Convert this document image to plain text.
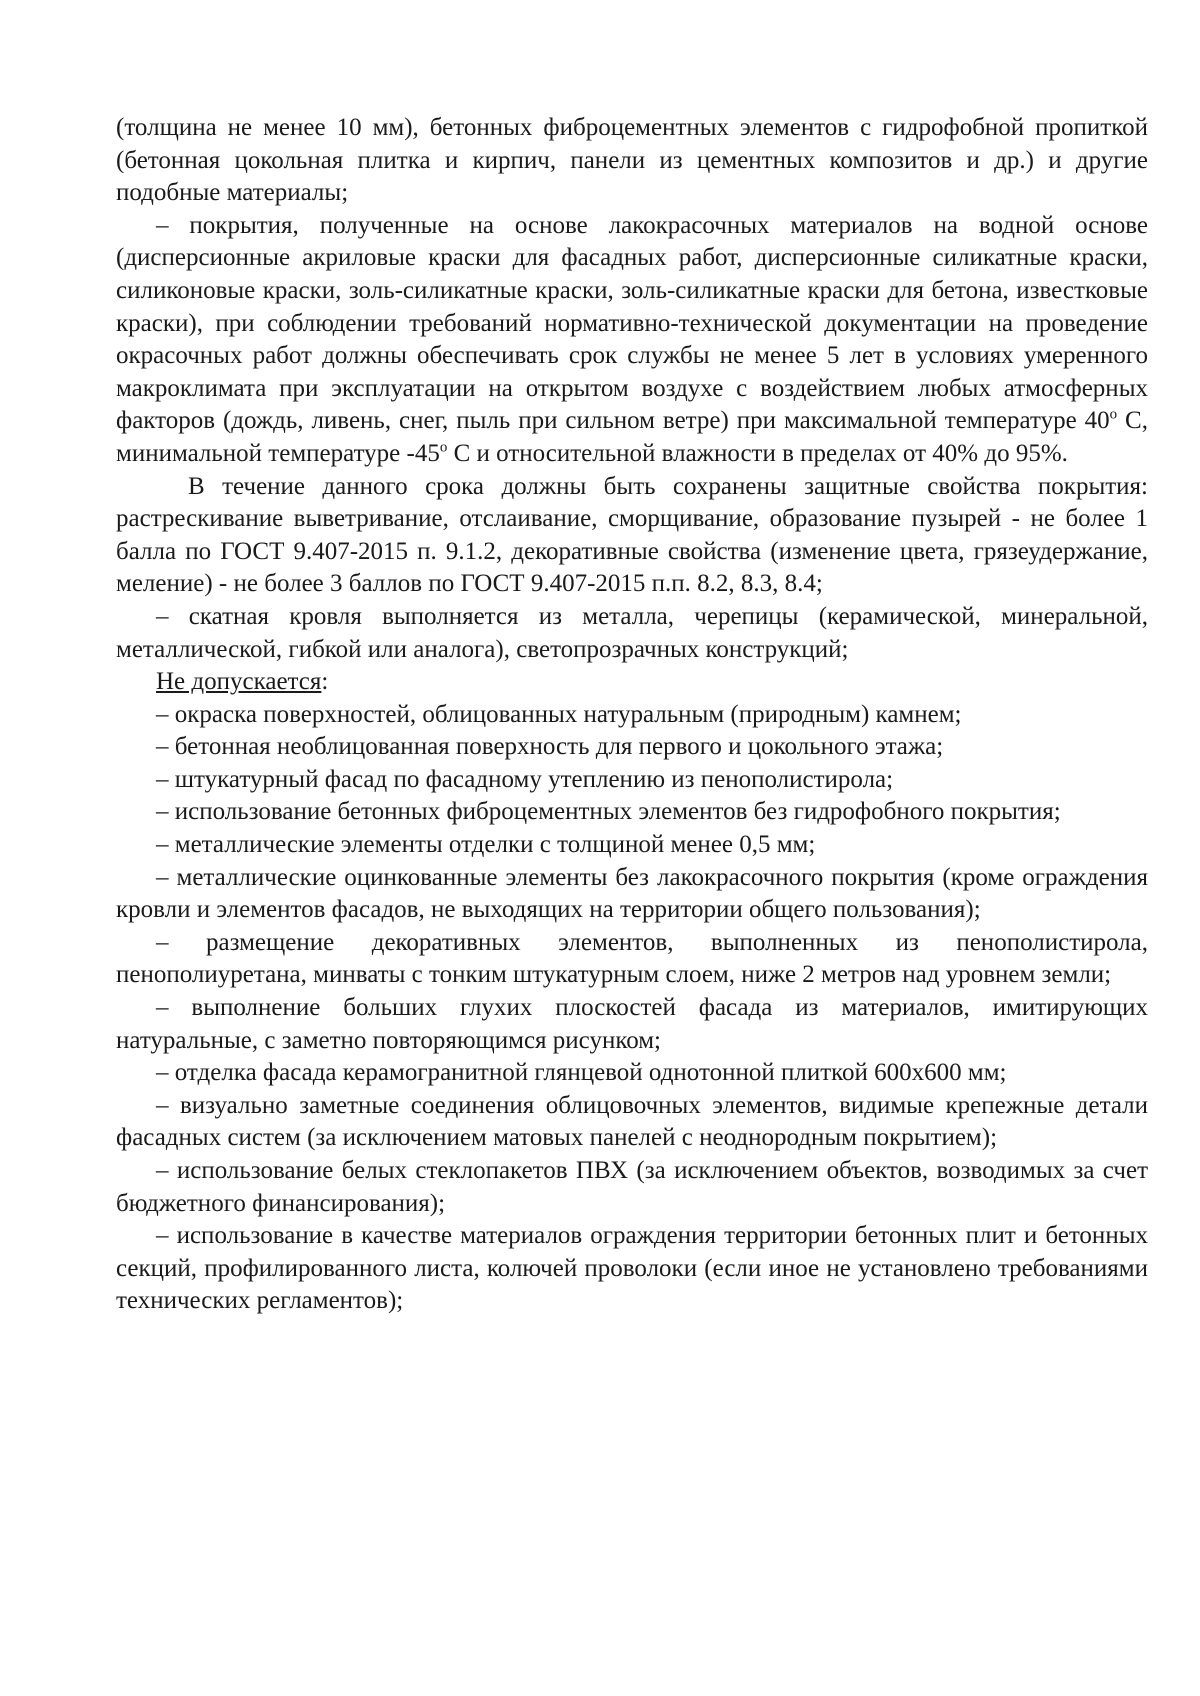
(толщина не менее 10 мм), бетонных фиброцементных элементов с гидрофобной пропиткой (бетонная цокольная плитка и кирпич, панели из цементных композитов и др.) и другие подобные материалы;

– покрытия, полученные на основе лакокрасочных материалов на водной основе (дисперсионные акриловые краски для фасадных работ, дисперсионные силикатные краски, силиконовые краски, золь-силикатные краски, золь-силикатные краски для бетона, известковые краски), при соблюдении требований нормативно-технической документации на проведение окрасочных работ должны обеспечивать срок службы не менее 5 лет в условиях умеренного макроклимата при эксплуатации на открытом воздухе с воздействием любых атмосферных факторов (дождь, ливень, снег, пыль при сильном ветре) при максимальной температуре 40$^o$ С, минимальной температуре -45$^o$ С и относительной влажности в пределах от 40% до 95%.

В течение данного срока должны быть сохранены защитные свойства покрытия: растрескивание выветривание, отслаивание, сморщивание, образование пузырей - не более 1 балла по ГОСТ 9.407-2015 п. 9.1.2, декоративные свойства (изменение цвета, грязеудержание, меление) - не более 3 баллов по ГОСТ 9.407-2015 п.п. 8.2, 8.3, 8.4;

– скатная кровля выполняется из металла, черепицы (керамической, минеральной, металлической, гибкой или аналога), светопрозрачных конструкций;

Не допускается:

– окраска поверхностей, облицованных натуральным (природным) камнем;

– бетонная необлицованная поверхность для первого и цокольного этажа;

– штукатурный фасад по фасадному утеплению из пенополистирола;

– использование бетонных фиброцементных элементов без гидрофобного покрытия;

– металлические элементы отделки с толщиной менее 0,5 мм;

– металлические оцинкованные элементы без лакокрасочного покрытия (кроме ограждения кровли и элементов фасадов, не выходящих на территории общего пользования);

– размещение декоративных элементов, выполненных из пенополистирола, пенополиуретана, минваты с тонким штукатурным слоем, ниже 2 метров над уровнем земли;

– выполнение больших глухих плоскостей фасада из материалов, имитирующих натуральные, с заметно повторяющимся рисунком;

– отделка фасада керамогранитной глянцевой однотонной плиткой 600х600 мм;

– визуально заметные соединения облицовочных элементов, видимые крепежные детали фасадных систем (за исключением матовых панелей с неоднородным покрытием);

– использование белых стеклопакетов ПВХ (за исключением объектов, возводимых за счет бюджетного финансирования);

– использование в качестве материалов ограждения территории бетонных плит и бетонных секций, профилированного листа, колючей проволоки (если иное не установлено требованиями технических регламентов);
